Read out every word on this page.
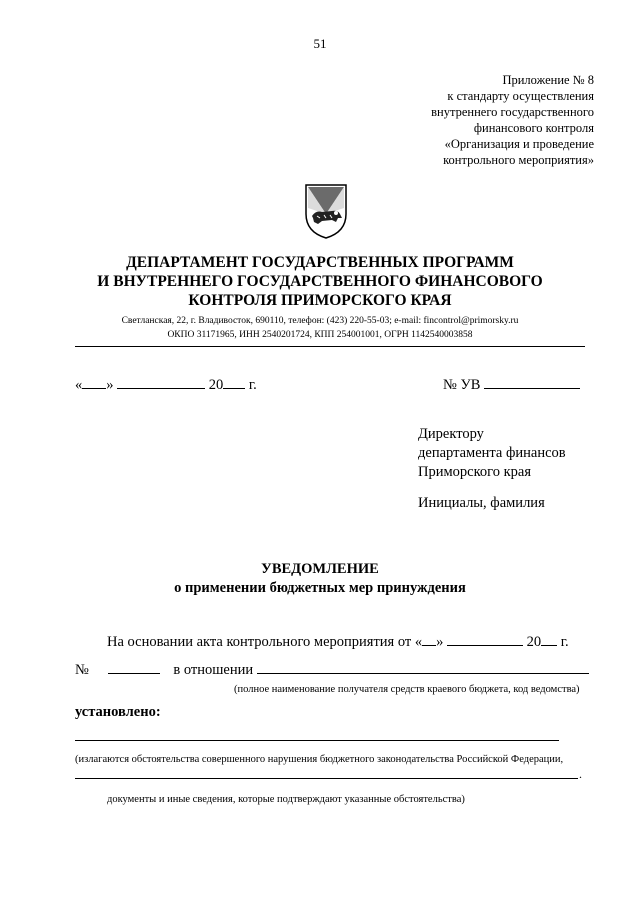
51
Приложение № 8
к стандарту осуществления
внутреннего государственного
финансового контроля
«Организация и проведение
контрольного мероприятия»
ДЕПАРТАМЕНТ ГОСУДАРСТВЕННЫХ ПРОГРАММ
И ВНУТРЕННЕГО ГОСУДАРСТВЕННОГО ФИНАНСОВОГО
КОНТРОЛЯ ПРИМОРСКОГО КРАЯ
Светланская, 22, г. Владивосток, 690110, телефон: (423) 220-55-03; e-mail: fincontrol@primorsky.ru
ОКПО 31171965, ИНН 2540201724, КПП 254001001, ОГРН 1142540003858
« »	20 г.	№ УВ
Директору
департамента финансов
Приморского края
Инициалы, фамилия
УВЕДОМЛЕНИЕ
о применении бюджетных мер принуждения
На основании акта контрольного мероприятия от « »	20 г.
№	в отношении
(полное наименование получателя средств краевого бюджета, код ведомства)
установлено:
(излагаются обстоятельства совершенного нарушения бюджетного законодательства Российской Федерации,
.
документы и иные сведения, которые подтверждают указанные обстоятельства)
